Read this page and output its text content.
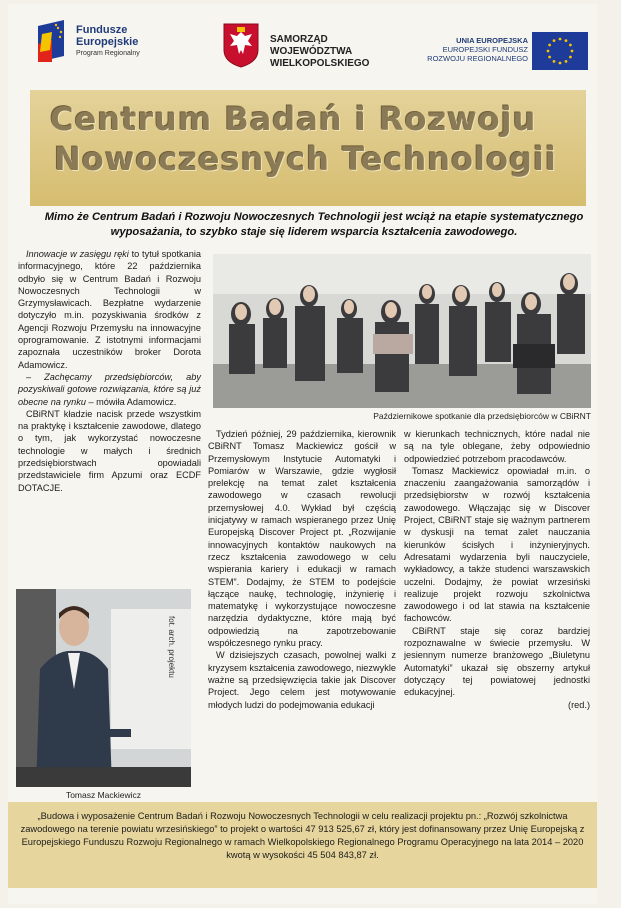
Fundusze
Europejskie
Program Regionalny
SAMORZĄD WOJEWÓDZTWA
WIELKOPOLSKIEGO
UNIA EUROPEJSKA
EUROPEJSKI FUNDUSZ
ROZWOJU REGIONALNEGO
Centrum Badań i Rozwoju
Nowoczesnych Technologii
Mimo że Centrum Badań i Rozwoju Nowoczesnych Technologii jest wciąż na etapie systematycznego wyposażania, to szybko staje się liderem wsparcia kształcenia zawodowego.

Innowacje w zasięgu ręki to tytuł spotkania informacyjnego, które 22 października odbyło się w Centrum Badań i Rozwoju Nowoczesnych Technologii w Grzymysławicach. Bezpłatne wydarzenie dotyczyło m.in. pozyskiwania środków z Agencji Rozwoju Przemysłu na innowacyjne oprogramowanie. Z istotnymi informacjami zapoznała uczestników broker Dorota Adamowicz.

– Zachęcamy przedsiębiorców, aby pozyskiwali gotowe rozwiązania, które są już obecne na rynku – mówiła Adamowicz.

CBiRNT kładzie nacisk przede wszystkim na praktykę i kształcenie zawodowe, dlatego o tym, jak wykorzystać nowoczesne technologie w małych i średnich przedsiębiorstwach opowiadali przedstawiciele firm Apzumi oraz ECDF DOTACJE.

Październikowe spotkanie dla przedsiębiorców w CBiRNT
Tomasz Mackiewicz
fot. arch. projektu

Tydzień później, 29 października, kierownik CBiRNT Tomasz Mackiewicz gościł w Przemysłowym Instytucie Automatyki i Pomiarów w Warszawie, gdzie wygłosił prelekcję na temat zalet kształcenia zawodowego w czasach rewolucji przemysłowej 4.0. Wykład był częścią inicjatywy w ramach wspieranego przez Unię Europejską Discover Project pt. „Rozwijanie innowacyjnych kontaktów naukowych na rzecz kształcenia zawodowego w celu wspierania kariery i edukacji w ramach STEM”. Dodajmy, że STEM to podejście łączące naukę, technologię, inżynierię i matematykę i wykorzystujące nowoczesne narzędzia dydaktyczne, które mają być odpowiedzią na zapotrzebowanie współczesnego rynku pracy.

W dzisiejszych czasach, powolnej walki z kryzysem kształcenia zawodowego, niezwykle ważne są przedsięwzięcia takie jak Discover Project. Jego celem jest motywowanie młodych ludzi do podejmowania edukacji

w kierunkach technicznych, które nadal nie są na tyle oblegane, żeby odpowiednio odpowiedzieć potrzebom pracodawców.

Tomasz Mackiewicz opowiadał m.in. o znaczeniu zaangażowania samorządów i przedsiębiorstw w rozwój kształcenia zawodowego. Włączając się w Discover Project, CBiRNT staje się ważnym partnerem w dyskusji na temat zalet nauczania kierunków ścisłych i inżynieryjnych. Adresatami wydarzenia byli nauczyciele, wykładowcy, a także studenci warszawskich uczelni. Dodajmy, że powiat wrzesiński realizuje projekt rozwoju szkolnictwa zawodowego i od lat stawia na kształcenie fachowców.

CBiRNT staje się coraz bardziej rozpoznawalne w świecie przemysłu. W jesiennym numerze branżowego „Biuletynu Automatyki” ukazał się obszerny artykuł dotyczący tej powiatowej jednostki edukacyjnej.

(red.)

„Budowa i wyposażenie Centrum Badań i Rozwoju Nowoczesnych Technologii w celu realizacji projektu pn.: „Rozwój szkolnictwa zawodowego na terenie powiatu wrzesińskiego” to projekt o wartości 47 913 525,67 zł, który jest dofinansowany przez Unię Europejską z Europejskiego Funduszu Rozwoju Regionalnego w ramach Wielkopolskiego Regionalnego Programu Operacyjnego na lata 2014 – 2020 kwotą w wysokości 45 504 843,87 zł.
